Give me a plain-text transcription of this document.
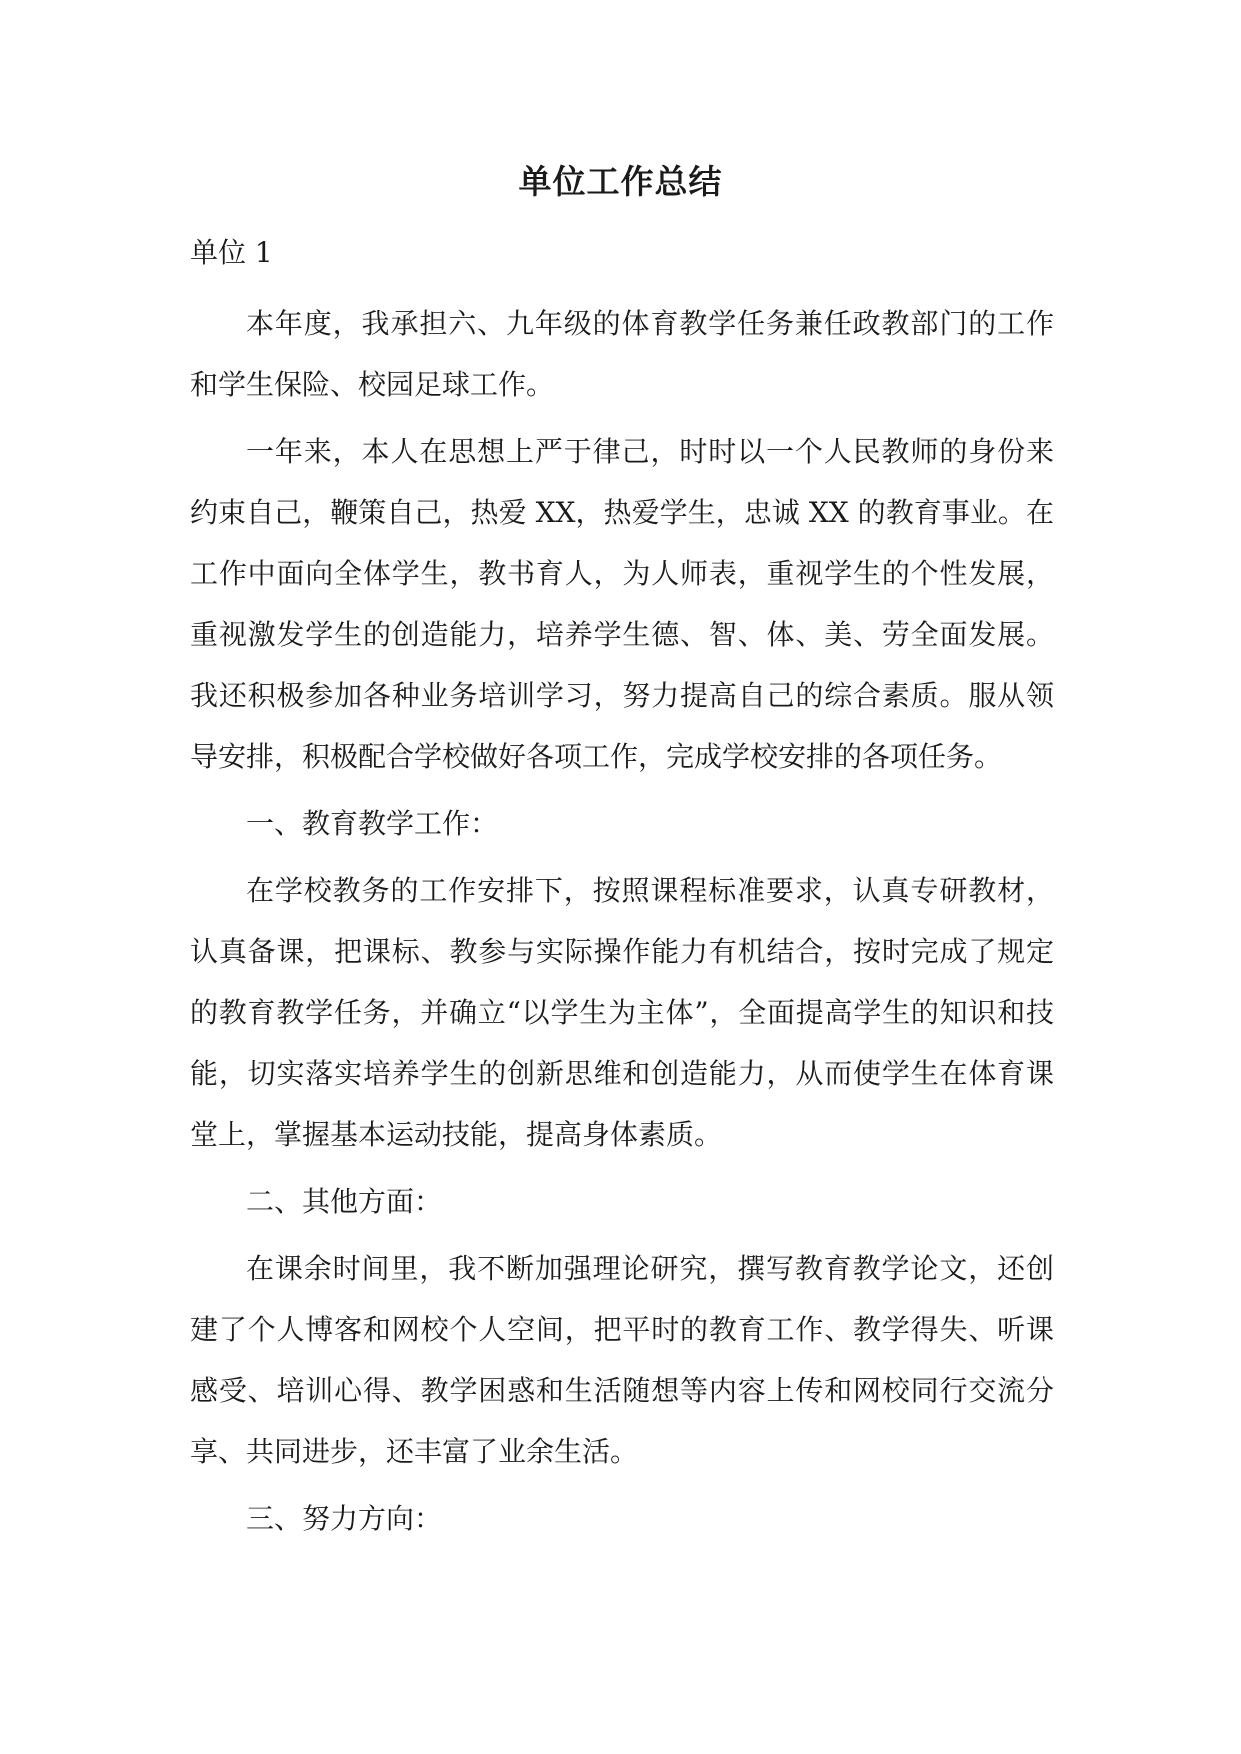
单位工作总结

单位 1

本年度，我承担六、九年级的体育教学任务兼任政教部门的工作和学生保险、校园足球工作。

一年来，本人在思想上严于律己，时时以一个人民教师的身份来约束自己，鞭策自己，热爱 XX，热爱学生，忠诚 XX 的教育事业。在工作中面向全体学生，教书育人，为人师表，重视学生的个性发展，重视激发学生的创造能力，培养学生德、智、体、美、劳全面发展。我还积极参加各种业务培训学习，努力提高自己的综合素质。服从领导安排，积极配合学校做好各项工作，完成学校安排的各项任务。

一、教育教学工作：

在学校教务的工作安排下，按照课程标准要求，认真专研教材，认真备课，把课标、教参与实际操作能力有机结合，按时完成了规定的教育教学任务，并确立“以学生为主体”，全面提高学生的知识和技能，切实落实培养学生的创新思维和创造能力，从而使学生在体育课堂上，掌握基本运动技能，提高身体素质。

二、其他方面：

在课余时间里，我不断加强理论研究，撰写教育教学论文，还创建了个人博客和网校个人空间，把平时的教育工作、教学得失、听课感受、培训心得、教学困惑和生活随想等内容上传和网校同行交流分享、共同进步，还丰富了业余生活。

三、努力方向：
